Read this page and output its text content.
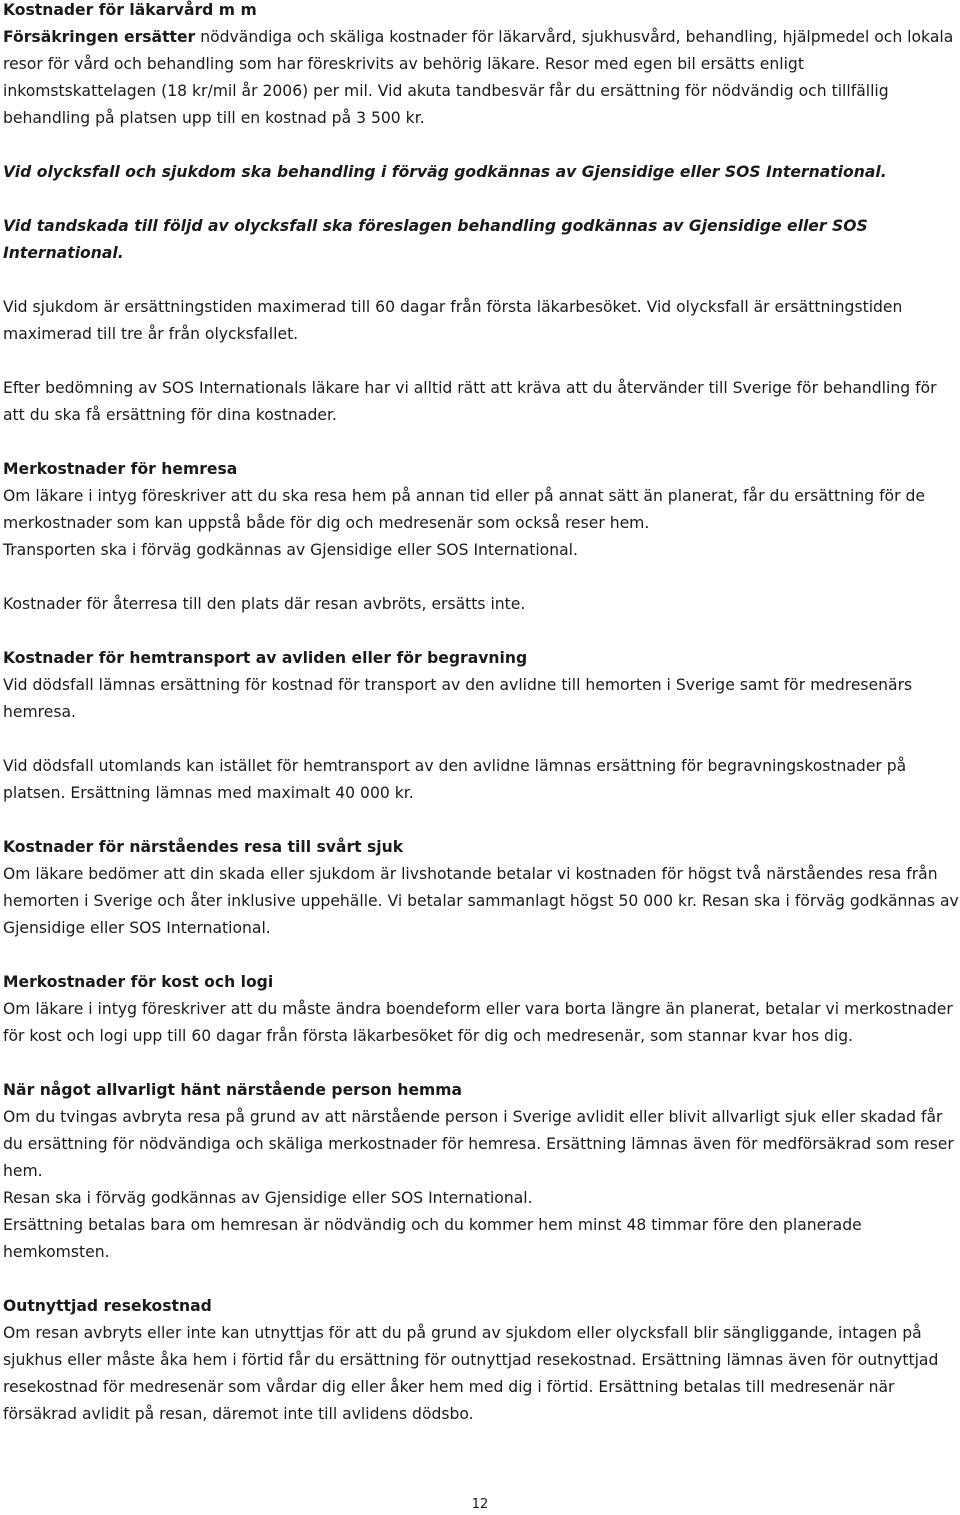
Kostnader för läkarvård m m

Försäkringen ersätter nödvändiga och skäliga kostnader för läkarvård, sjukhusvård, behandling, hjälpmedel och lokala resor för vård och behandling som har föreskrivits av behörig läkare. Resor med egen bil ersätts enligt inkomstskattelagen (18 kr/mil år 2006) per mil. Vid akuta tandbesvär får du ersättning för nödvändig och tillfällig behandling på platsen upp till en kostnad på 3 500 kr.

Vid olycksfall och sjukdom ska behandling i förväg godkännas av Gjensidige eller SOS International.

Vid tandskada till följd av olycksfall ska föreslagen behandling godkännas av Gjensidige eller SOS International.

Vid sjukdom är ersättningstiden maximerad till 60 dagar från första läkarbesöket. Vid olycksfall är ersättningstiden maximerad till tre år från olycksfallet.

Efter bedömning av SOS Internationals läkare har vi alltid rätt att kräva att du återvänder till Sverige för behandling för att du ska få ersättning för dina kostnader.

Merkostnader för hemresa

Om läkare i intyg föreskriver att du ska resa hem på annan tid eller på annat sätt än planerat, får du ersättning för de merkostnader som kan uppstå både för dig och medresenär som också reser hem.

Transporten ska i förväg godkännas av Gjensidige eller SOS International.

Kostnader för återresa till den plats där resan avbröts, ersätts inte.

Kostnader för hemtransport av avliden eller för begravning

Vid dödsfall lämnas ersättning för kostnad för transport av den avlidne till hemorten i Sverige samt för medresenärs hemresa.

Vid dödsfall utomlands kan istället för hemtransport av den avlidne lämnas ersättning för begravningskostnader på platsen. Ersättning lämnas med maximalt 40 000 kr.

Kostnader för närståendes resa till svårt sjuk

Om läkare bedömer att din skada eller sjukdom är livshotande betalar vi kostnaden för högst två närståendes resa från hemorten i Sverige och åter inklusive uppehälle. Vi betalar sammanlagt högst 50 000 kr. Resan ska i förväg godkännas av Gjensidige eller SOS International.

Merkostnader för kost och logi

Om läkare i intyg föreskriver att du måste ändra boendeform eller vara borta längre än planerat, betalar vi merkostnader för kost och logi upp till 60 dagar från första läkarbesöket för dig och medresenär, som stannar kvar hos dig.

När något allvarligt hänt närstående person hemma

Om du tvingas avbryta resa på grund av att närstående person i Sverige avlidit eller blivit allvarligt sjuk eller skadad får du ersättning för nödvändiga och skäliga merkostnader för hemresa. Ersättning lämnas även för medförsäkrad som reser hem.

Resan ska i förväg godkännas av Gjensidige eller SOS International.

Ersättning betalas bara om hemresan är nödvändig och du kommer hem minst 48 timmar före den planerade hemkomsten.

Outnyttjad resekostnad

Om resan avbryts eller inte kan utnyttjas för att du på grund av sjukdom eller olycksfall blir sängliggande, intagen på sjukhus eller måste åka hem i förtid får du ersättning för outnyttjad resekostnad. Ersättning lämnas även för outnyttjad resekostnad för medresenär som vårdar dig eller åker hem med dig i förtid. Ersättning betalas till medresenär när försäkrad avlidit på resan, däremot inte till avlidens dödsbo.

12
